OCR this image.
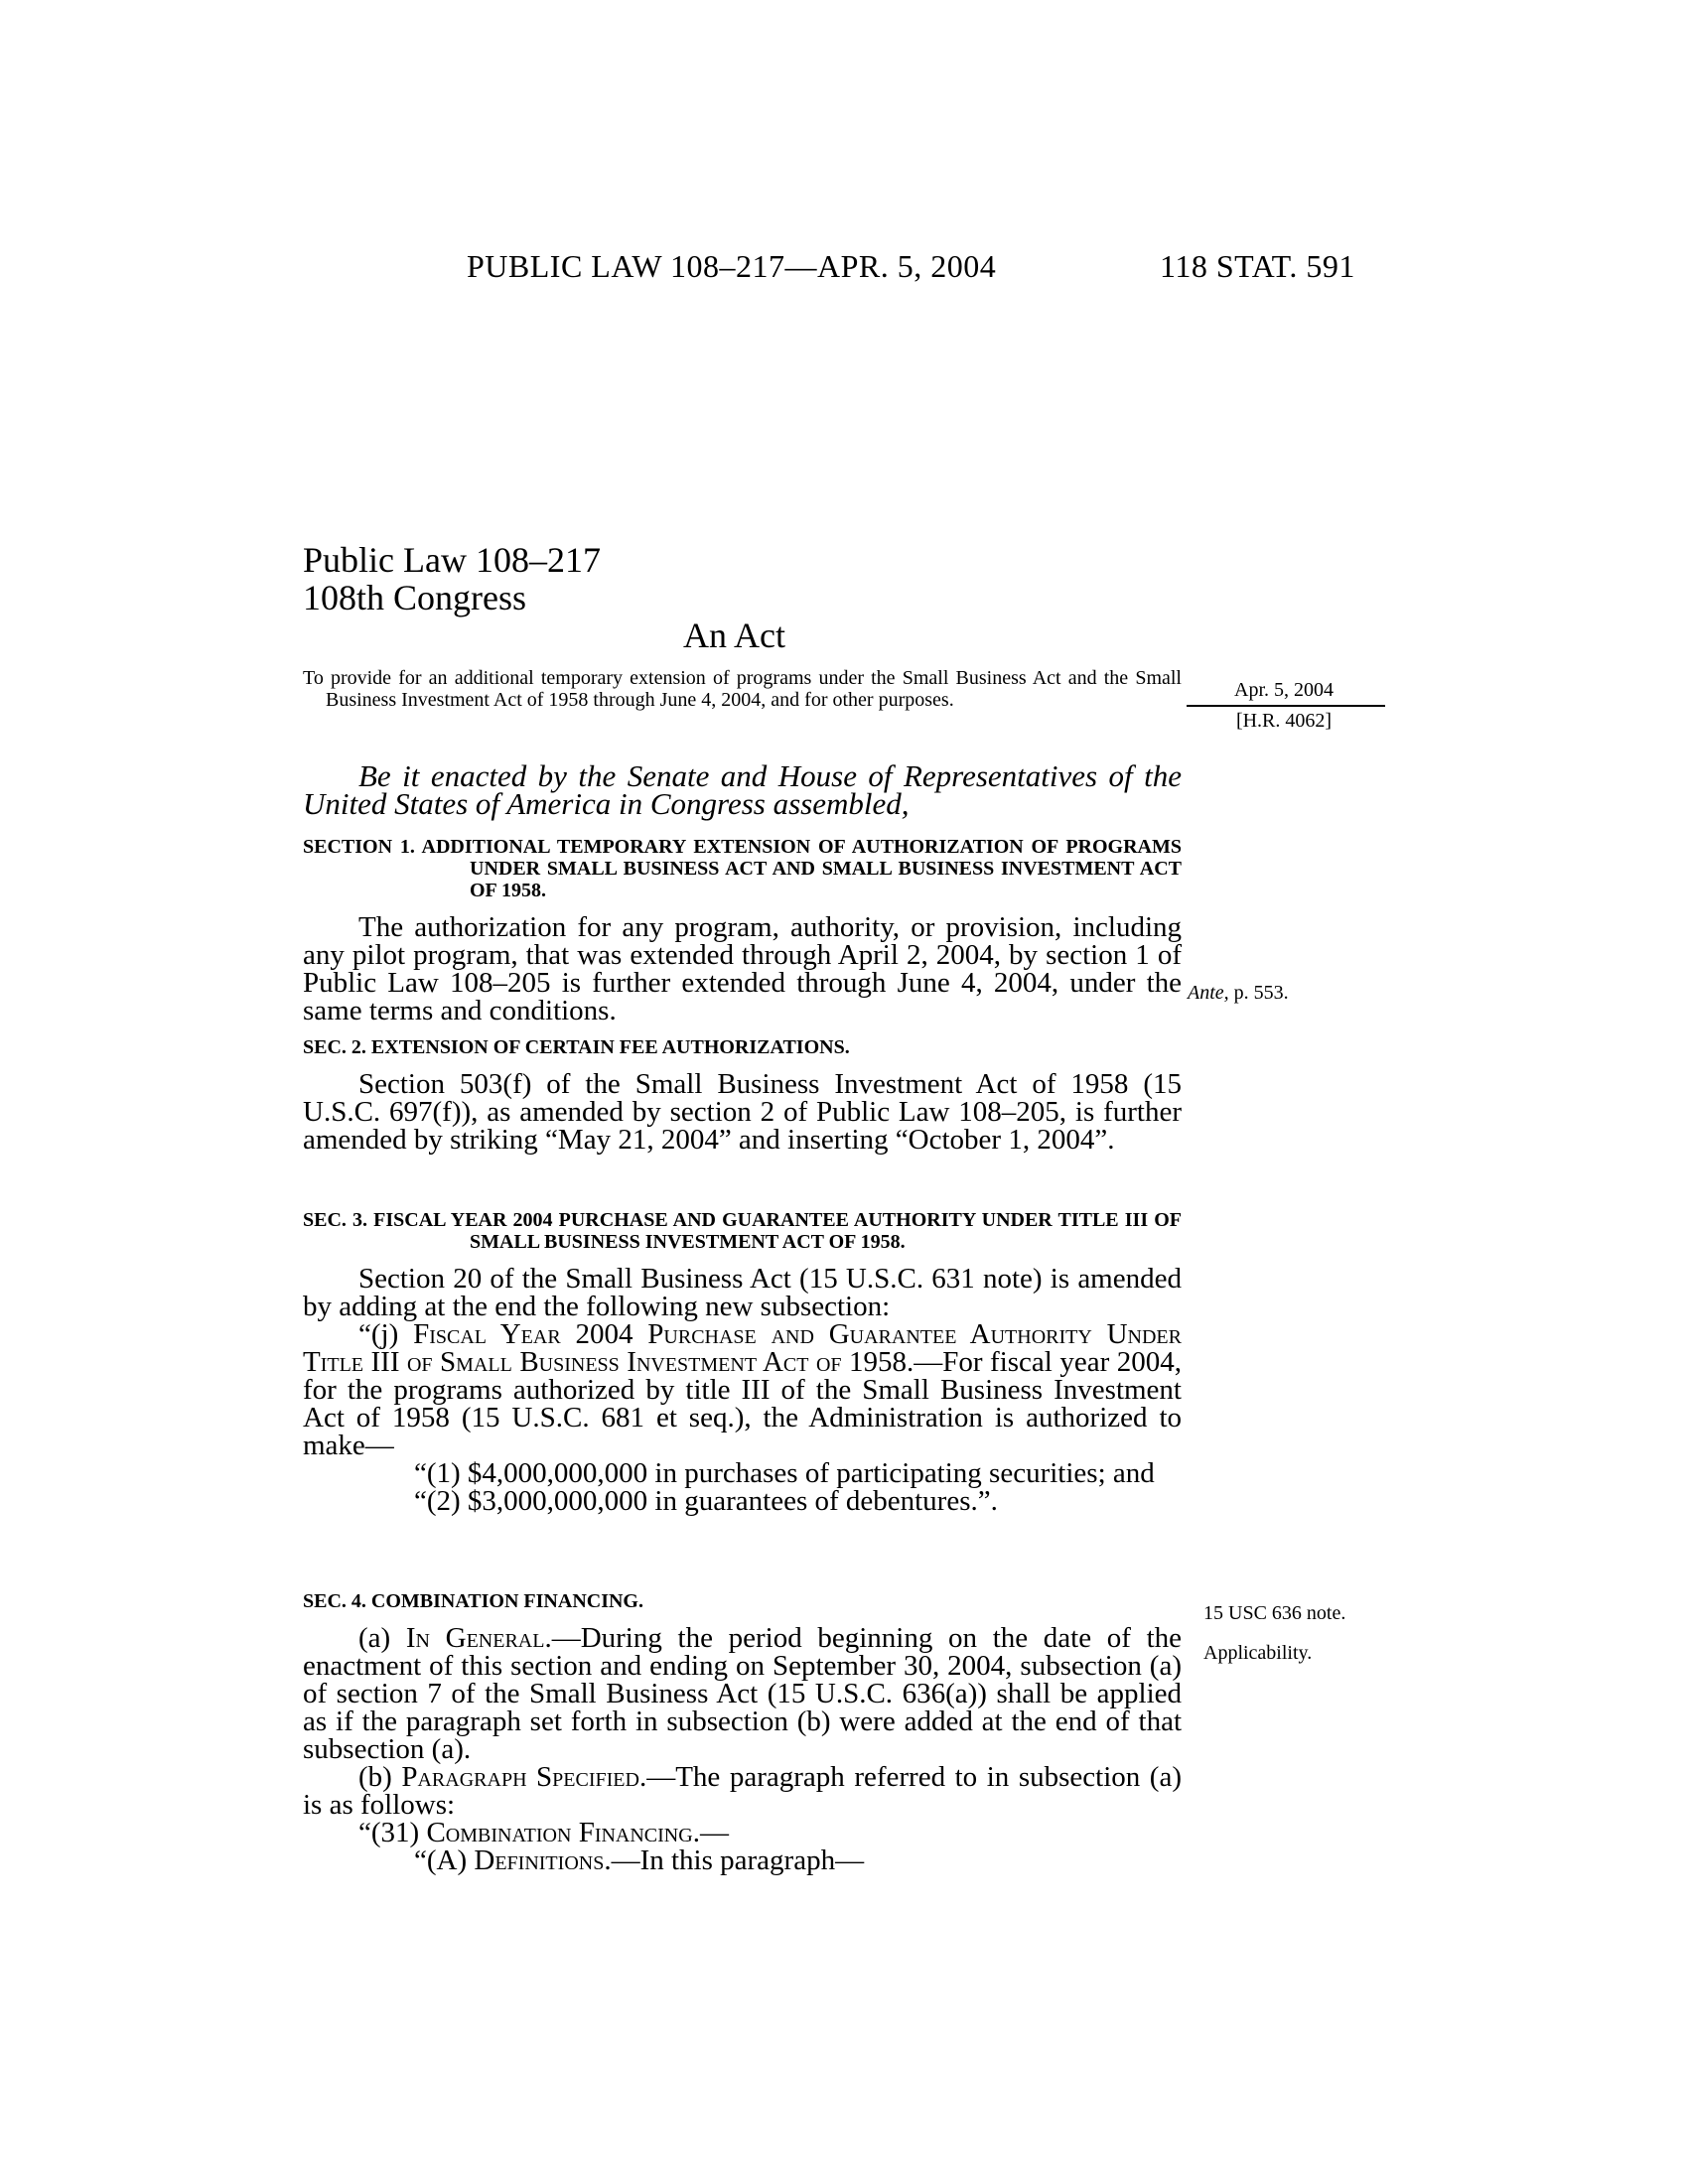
PUBLIC LAW 108–217—APR. 5, 2004	118 STAT. 591
Public Law 108–217
108th Congress
An Act
To provide for an additional temporary extension of programs under the Small Business Act and the Small Business Investment Act of 1958 through June 4, 2004, and for other purposes.	Apr. 5, 2004
[H.R. 4062]
Ante, p. 553.
15 USC 636 note.
Applicability.
Be it enacted by the Senate and House of Representatives of the United States of America in Congress assembled,
SECTION 1. ADDITIONAL TEMPORARY EXTENSION OF AUTHORIZATION OF PROGRAMS UNDER SMALL BUSINESS ACT AND SMALL BUSINESS INVESTMENT ACT OF 1958.

The authorization for any program, authority, or provision, including any pilot program, that was extended through April 2, 2004, by section 1 of Public Law 108–205 is further extended through June 4, 2004, under the same terms and conditions.

SEC. 2. EXTENSION OF CERTAIN FEE AUTHORIZATIONS.

Section 503(f) of the Small Business Investment Act of 1958 (15 U.S.C. 697(f)), as amended by section 2 of Public Law 108–205, is further amended by striking “May 21, 2004” and inserting “October 1, 2004”.

SEC. 3. FISCAL YEAR 2004 PURCHASE AND GUARANTEE AUTHORITY UNDER TITLE III OF SMALL BUSINESS INVESTMENT ACT OF 1958.

Section 20 of the Small Business Act (15 U.S.C. 631 note) is amended by adding at the end the following new subsection:

“(j) Fiscal Year 2004 Purchase and Guarantee Authority Under Title III of Small Business Investment Act of 1958.—For fiscal year 2004, for the programs authorized by title III of the Small Business Investment Act of 1958 (15 U.S.C. 681 et seq.), the Administration is authorized to make—

“(1) $4,000,000,000 in purchases of participating securities; and

“(2) $3,000,000,000 in guarantees of debentures.”.

SEC. 4. COMBINATION FINANCING.

(a) In General.—During the period beginning on the date of the enactment of this section and ending on September 30, 2004, subsection (a) of section 7 of the Small Business Act (15 U.S.C. 636(a)) shall be applied as if the paragraph set forth in subsection (b) were added at the end of that subsection (a).

(b) Paragraph Specified.—The paragraph referred to in subsection (a) is as follows:

“(31) Combination Financing.—

“(A) Definitions.—In this paragraph—
